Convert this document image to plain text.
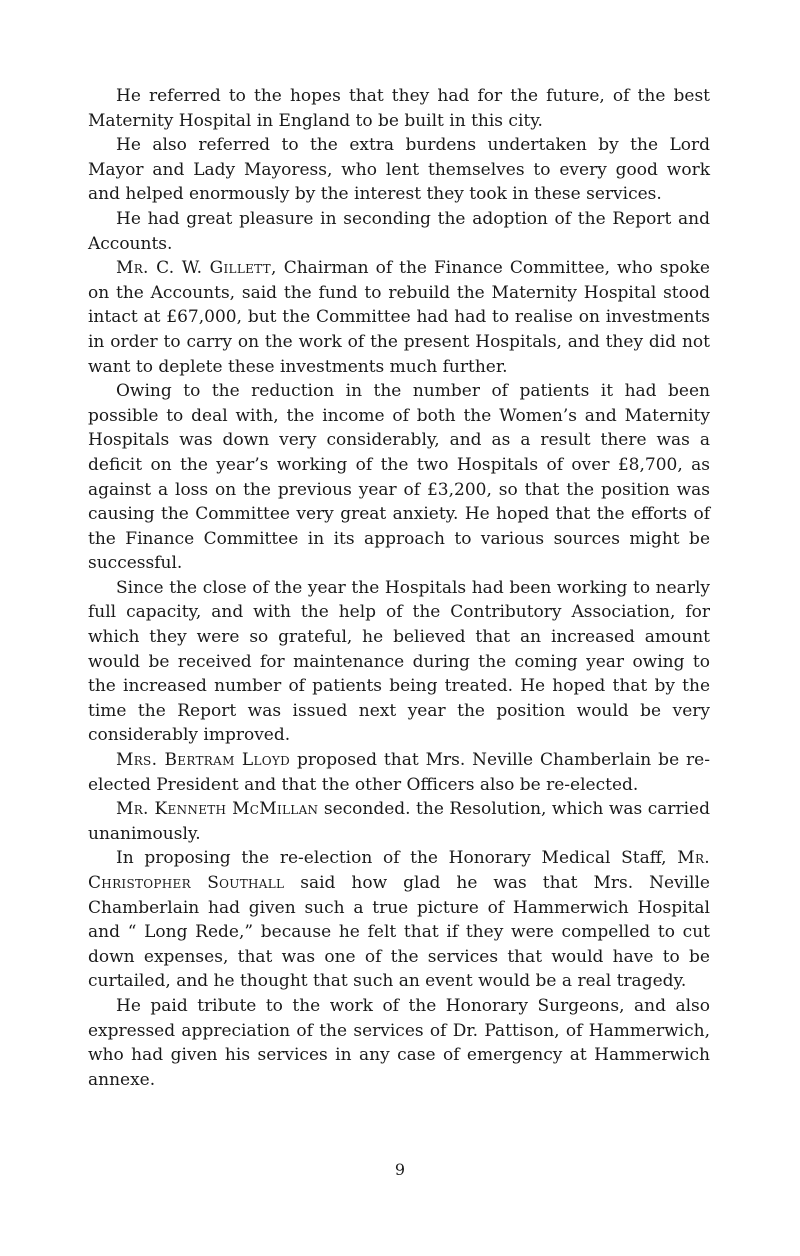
He referred to the hopes that they had for the future, of the best Maternity Hospital in England to be built in this city.

He also referred to the extra burdens undertaken by the Lord Mayor and Lady Mayoress, who lent themselves to every good work and helped enormously by the interest they took in these services.

He had great pleasure in seconding the adoption of the Report and Accounts.

Mr. C. W. Gillett, Chairman of the Finance Committee, who spoke on the Accounts, said the fund to rebuild the Maternity Hospital stood intact at £67,000, but the Committee had had to realise on investments in order to carry on the work of the present Hospitals, and they did not want to deplete these investments much further.

Owing to the reduction in the number of patients it had been possible to deal with, the income of both the Women’s and Maternity Hospitals was down very considerably, and as a result there was a deficit on the year’s working of the two Hospitals of over £8,700, as against a loss on the previous year of £3,200, so that the position was causing the Committee very great anxiety. He hoped that the efforts of the Finance Committee in its approach to various sources might be successful.

Since the close of the year the Hospitals had been working to nearly full capacity, and with the help of the Contributory Association, for which they were so grateful, he believed that an increased amount would be received for maintenance during the coming year owing to the increased number of patients being treated. He hoped that by the time the Report was issued next year the position would be very considerably improved.

Mrs. Bertram Lloyd proposed that Mrs. Neville Chamberlain be re-elected President and that the other Officers also be re-elected.

Mr. Kenneth McMillan seconded. the Resolution, which was carried unanimously.

In proposing the re-election of the Honorary Medical Staff, Mr. Christopher Southall said how glad he was that Mrs. Neville Chamberlain had given such a true picture of Hammerwich Hospital and “ Long Rede,” because he felt that if they were compelled to cut down expenses, that was one of the services that would have to be curtailed, and he thought that such an event would be a real tragedy.

He paid tribute to the work of the Honorary Surgeons, and also expressed appreciation of the services of Dr. Pattison, of Hammerwich, who had given his services in any case of emergency at Hammerwich annexe.

9
